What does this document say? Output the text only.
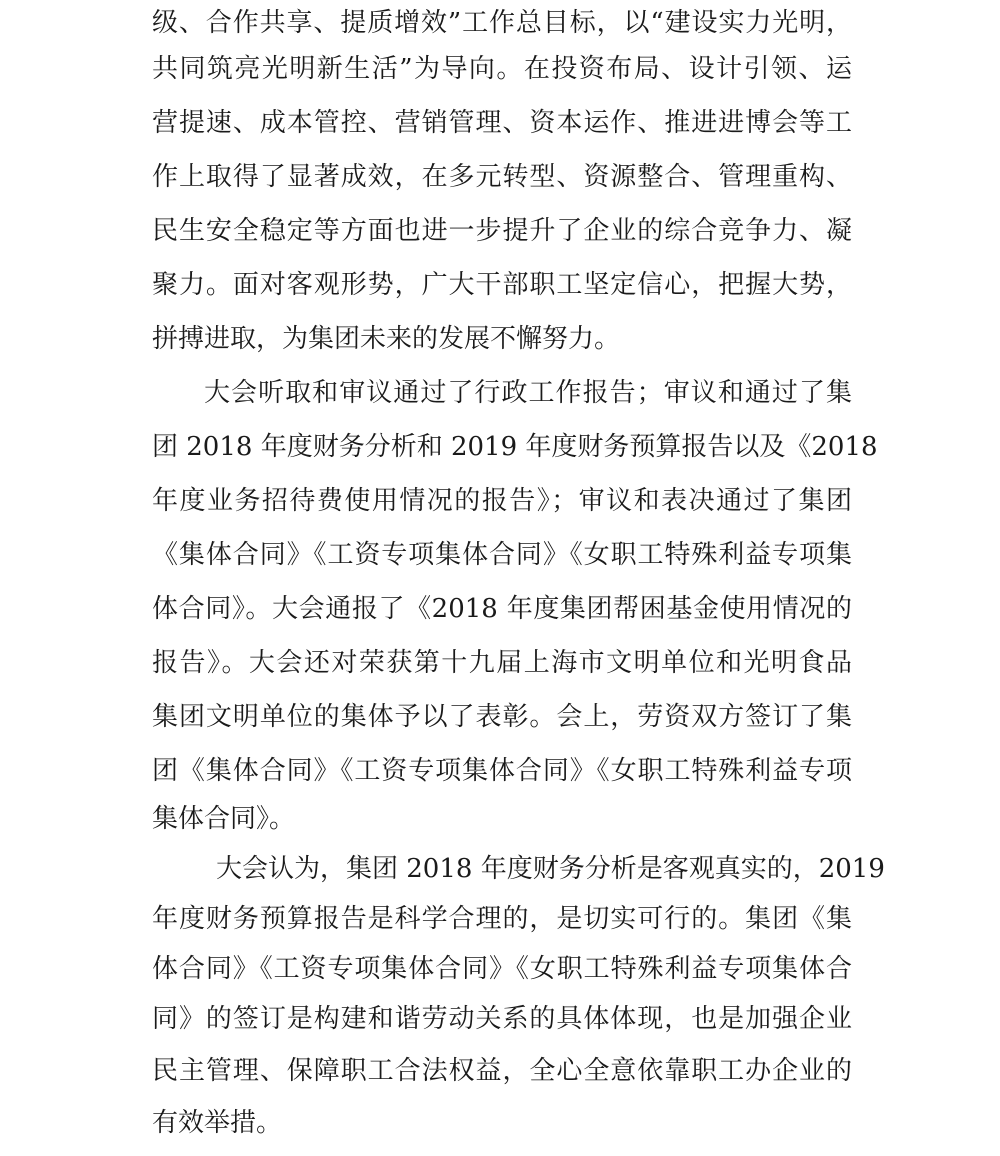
级、合作共享、提质增效”工作总目标，以“建设实力光明，
共同筑亮光明新生活”为导向。在投资布局、设计引领、运
营提速、成本管控、营销管理、资本运作、推进进博会等工
作上取得了显著成效，在多元转型、资源整合、管理重构、
民生安全稳定等方面也进一步提升了企业的综合竞争力、凝
聚力。面对客观形势，广大干部职工坚定信心，把握大势，
拼搏进取，为集团未来的发展不懈努力。
大会听取和审议通过了行政工作报告；审议和通过了集
团 2018 年度财务分析和 2019 年度财务预算报告以及《2018
年度业务招待费使用情况的报告》；审议和表决通过了集团
《集体合同》《工资专项集体合同》《女职工特殊利益专项集
体合同》。大会通报了《2018 年度集团帮困基金使用情况的
报告》。大会还对荣获第十九届上海市文明单位和光明食品
集团文明单位的集体予以了表彰。会上，劳资双方签订了集
团《集体合同》《工资专项集体合同》《女职工特殊利益专项
集体合同》。
大会认为，集团 2018 年度财务分析是客观真实的，2019
年度财务预算报告是科学合理的，是切实可行的。集团《集
体合同》《工资专项集体合同》《女职工特殊利益专项集体合
同》的签订是构建和谐劳动关系的具体体现，也是加强企业
民主管理、保障职工合法权益，全心全意依靠职工办企业的
有效举措。
